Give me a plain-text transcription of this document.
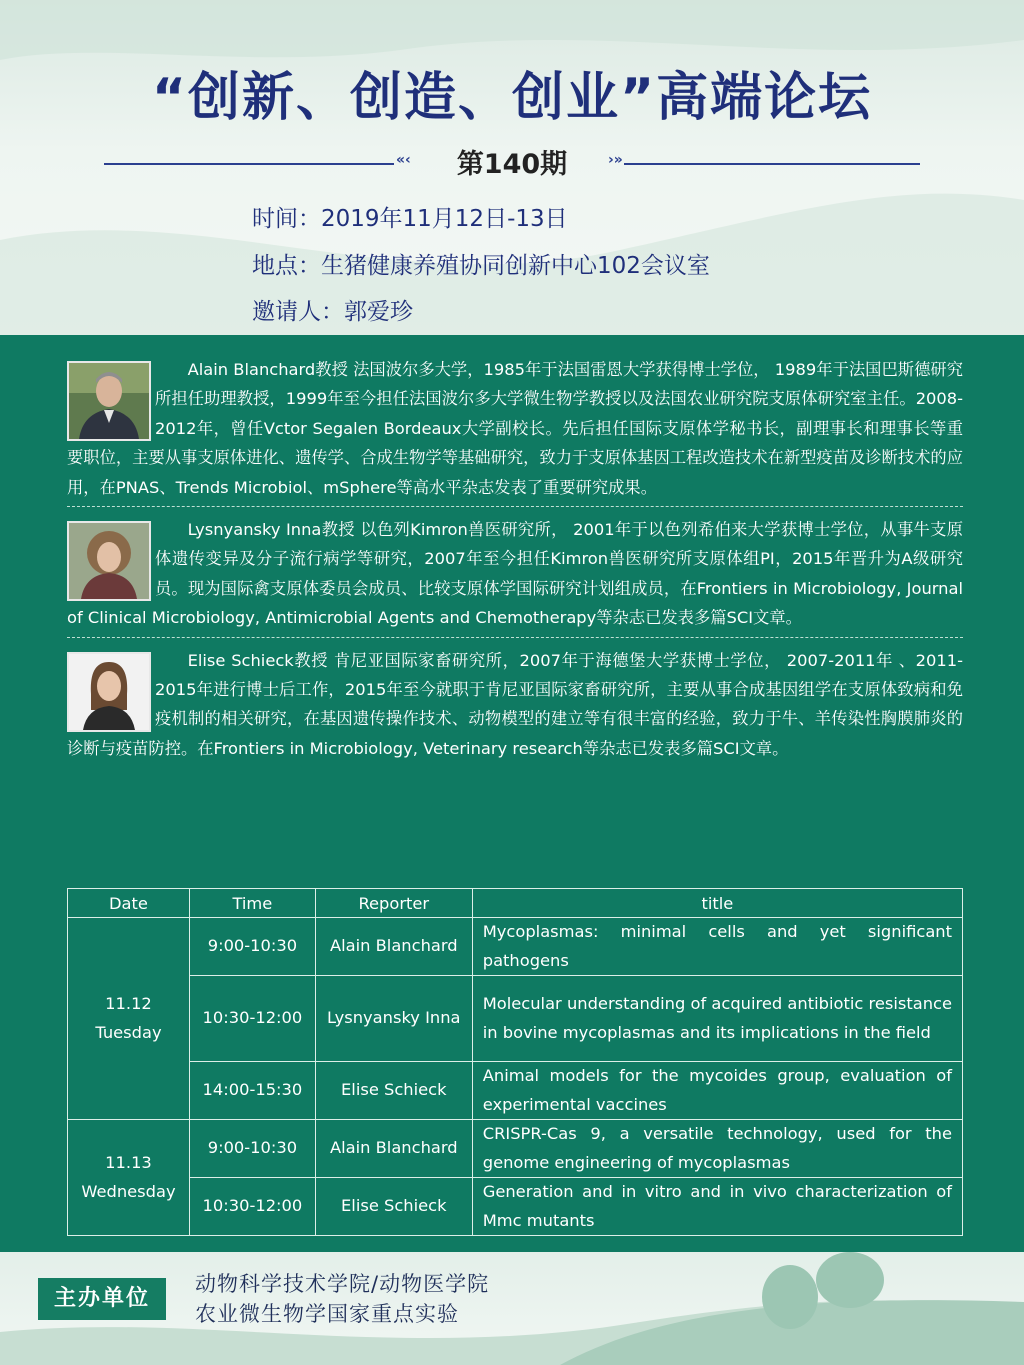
“创新、创造、创业”高端论坛
«‹	第140期	›»
时间：2019年11月12日-13日
地点：生猪健康养殖协同创新中心102会议室
邀请人：郭爱珍

Alain Blanchard教授 法国波尔多大学，1985年于法国雷恩大学获得博士学位， 1989年于法国巴斯德研究所担任助理教授，1999年至今担任法国波尔多大学微生物学教授以及法国农业研究院支原体研究室主任。2008-2012年，曾任Vctor Segalen Bordeaux大学副校长。先后担任国际支原体学秘书长，副理事长和理事长等重要职位，主要从事支原体进化、遗传学、合成生物学等基础研究，致力于支原体基因工程改造技术在新型疫苗及诊断技术的应用，在PNAS、Trends Microbiol、mSphere等高水平杂志发表了重要研究成果。

Lysnyansky Inna教授 以色列Kimron兽医研究所， 2001年于以色列希伯来大学获博士学位，从事牛支原体遗传变异及分子流行病学等研究，2007年至今担任Kimron兽医研究所支原体组PI，2015年晋升为A级研究员。现为国际禽支原体委员会成员、比较支原体学国际研究计划组成员，在Frontiers in Microbiology, Journal of Clinical Microbiology, Antimicrobial Agents and Chemotherapy等杂志已发表多篇SCI文章。

Elise Schieck教授 肯尼亚国际家畜研究所，2007年于海德堡大学获博士学位， 2007-2011年 、2011-2015年进行博士后工作，2015年至今就职于肯尼亚国际家畜研究所，主要从事合成基因组学在支原体致病和免疫机制的相关研究，在基因遗传操作技术、动物模型的建立等有很丰富的经验，致力于牛、羊传染性胸膜肺炎的诊断与疫苗防控。在Frontiers in Microbiology, Veterinary research等杂志已发表多篇SCI文章。

Date	Time	Reporter	title
11.12
Tuesday	9:00-10:30	Alain Blanchard	Mycoplasmas: minimal cells and yet significant pathogens
	10:30-12:00	Lysnyansky Inna	Molecular understanding of acquired antibiotic resistance in bovine mycoplasmas and its implications in the field
	14:00-15:30	Elise Schieck	Animal models for the mycoides group, evaluation of experimental vaccines
11.13
Wednesday	9:00-10:30	Alain Blanchard	CRISPR-Cas 9, a versatile technology, used for the genome engineering of mycoplasmas
	10:30-12:00	Elise Schieck	Generation and in vitro and in vivo characterization of Mmc mutants
主办单位
动物科学技术学院/动物医学院
农业微生物学国家重点实验
